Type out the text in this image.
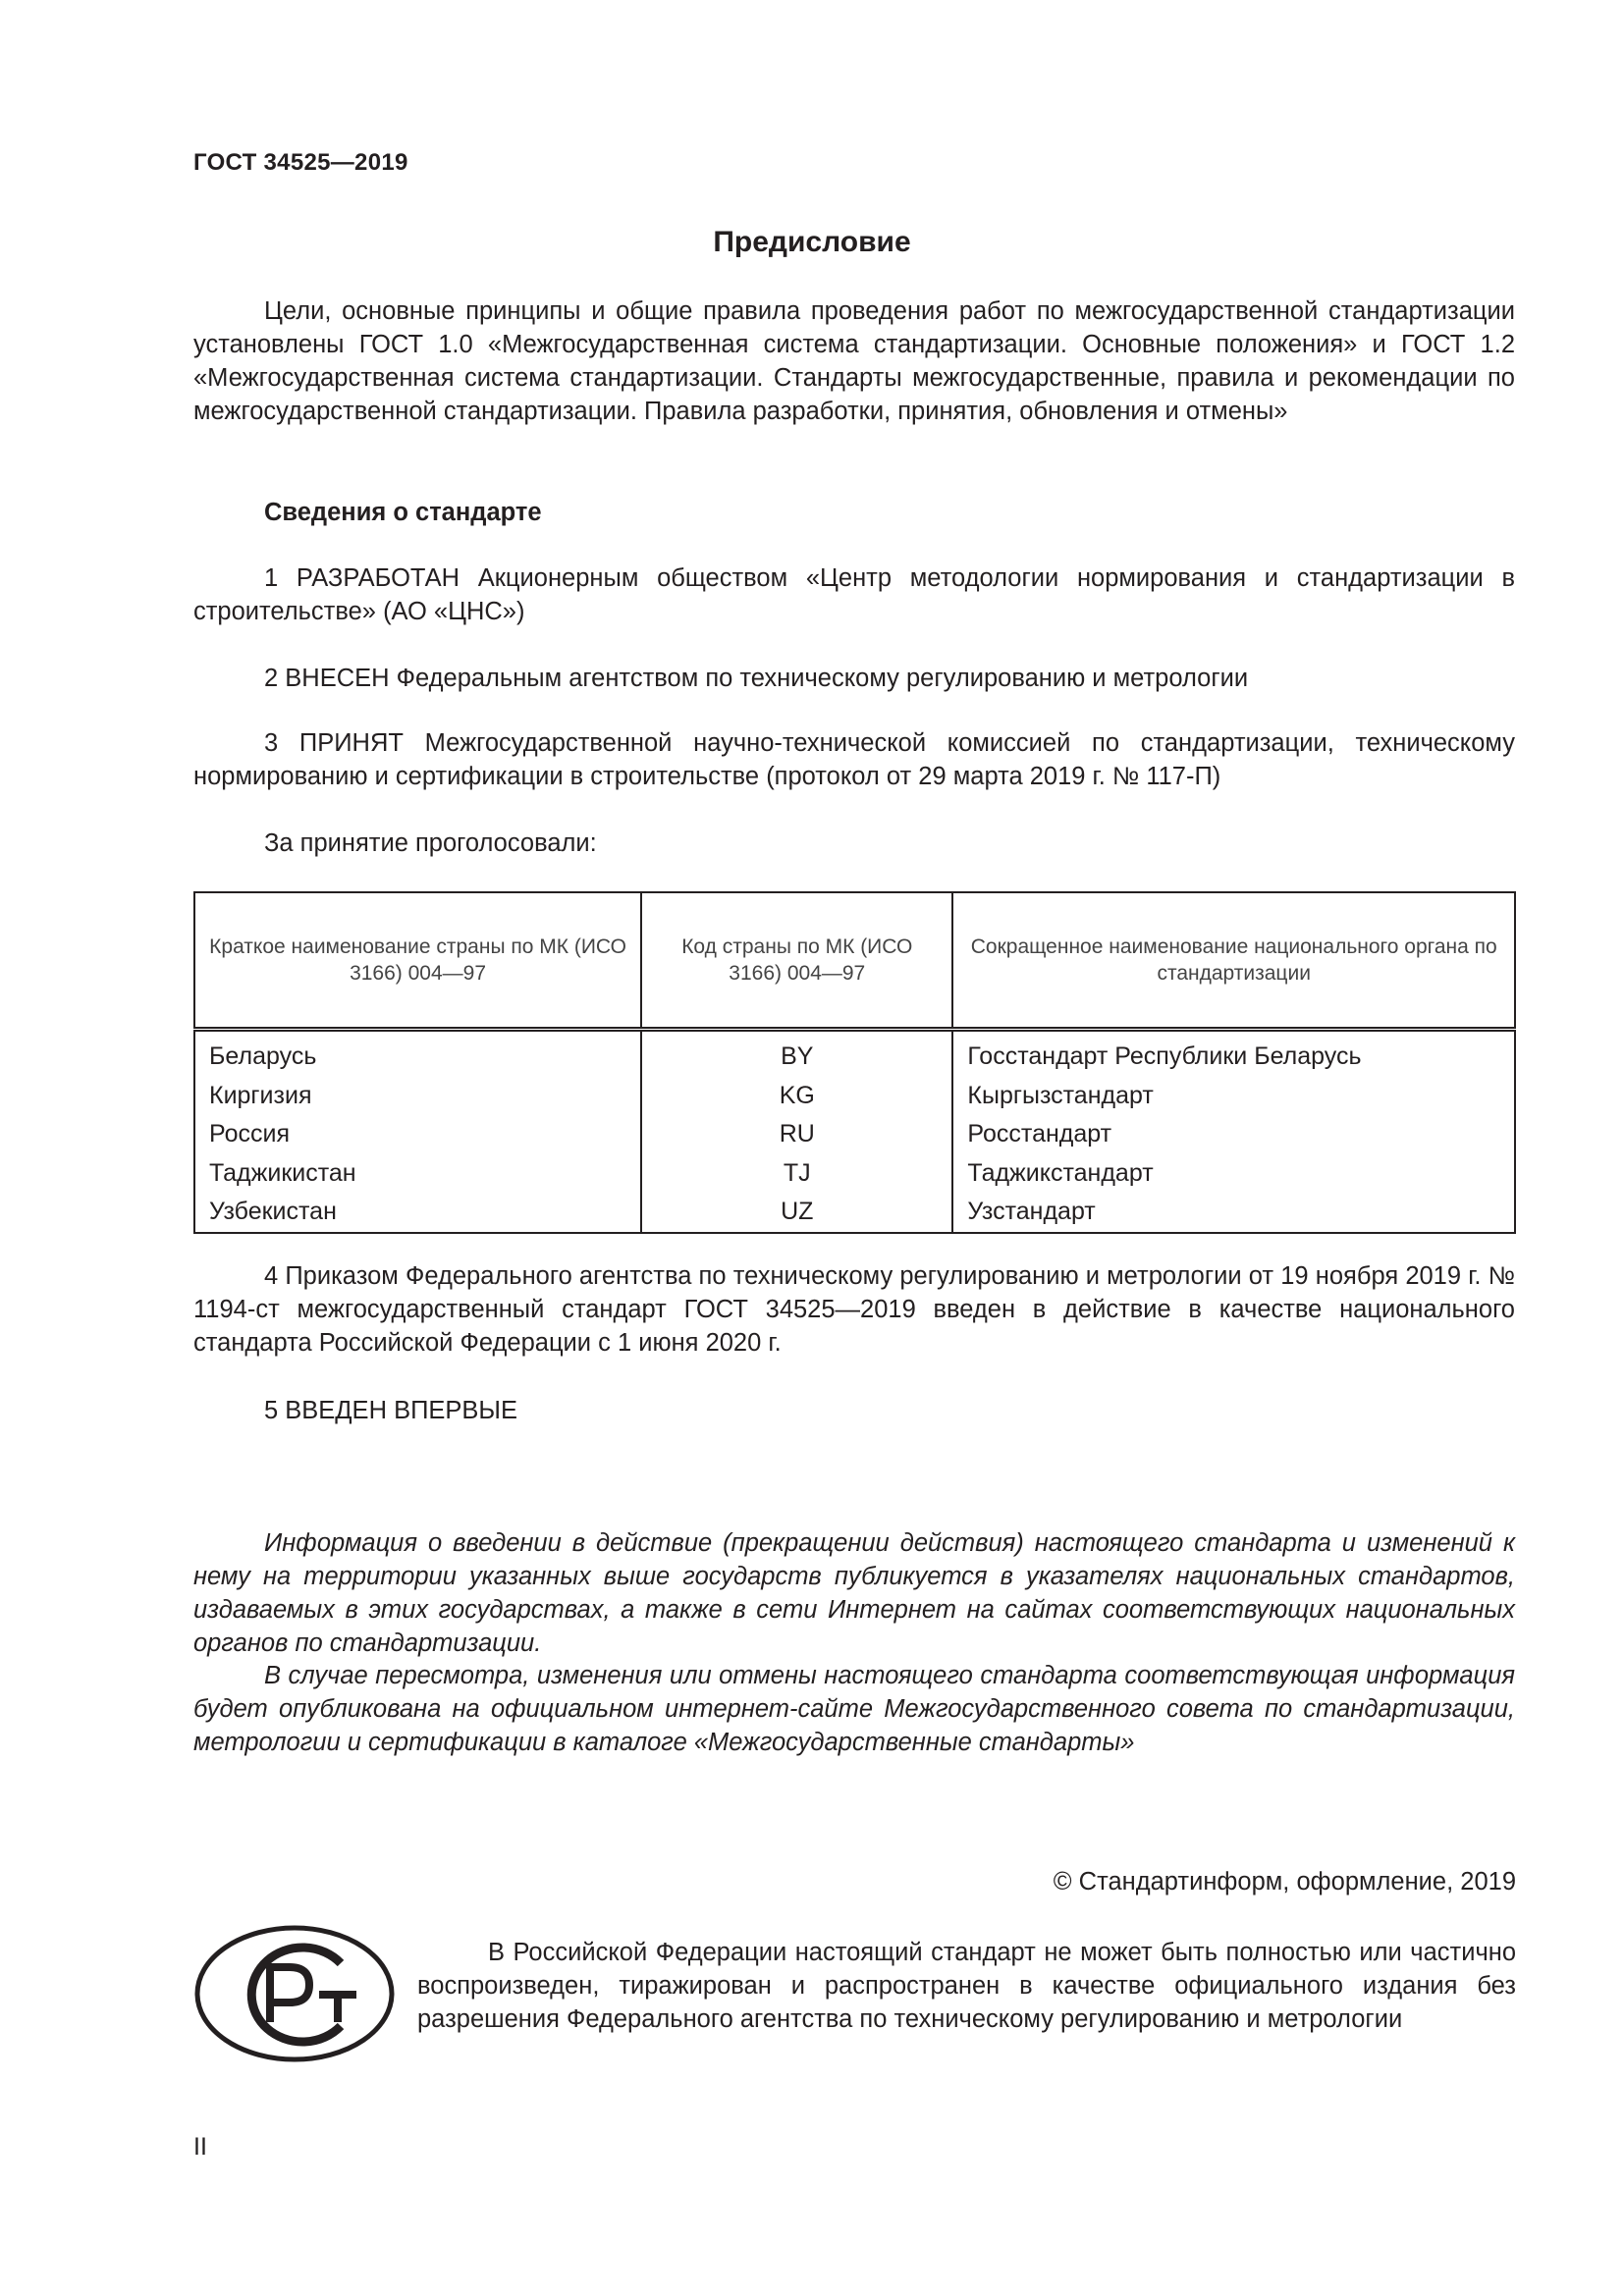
ГОСТ 34525—2019
Предисловие

Цели, основные принципы и общие правила проведения работ по межгосударственной стандартизации установлены ГОСТ 1.0 «Межгосударственная система стандартизации. Основные положения» и ГОСТ 1.2 «Межгосударственная система стандартизации. Стандарты межгосударственные, правила и рекомендации по межгосударственной стандартизации. Правила разработки, принятия, обновления и отмены»

Сведения о стандарте

1 РАЗРАБОТАН Акционерным обществом «Центр методологии нормирования и стандартизации в строительстве» (АО «ЦНС»)

2 ВНЕСЕН Федеральным агентством по техническому регулированию и метрологии

3 ПРИНЯТ Межгосударственной научно-технической комиссией по стандартизации, техническому нормированию и сертификации в строительстве (протокол от 29 марта 2019 г. № 117-П)

За принятие проголосовали:

Краткое наименование страны по МК (ИСО 3166) 004—97	Код страны по МК (ИСО 3166) 004—97	Сокращенное наименование национального органа по стандартизации
Беларусь	BY	Госстандарт Республики Беларусь
Киргизия	KG	Кыргызстандарт
Россия	RU	Росстандарт
Таджикистан	TJ	Таджикстандарт
Узбекистан	UZ	Узстандарт

4 Приказом Федерального агентства по техническому регулированию и метрологии от 19 ноября 2019 г. № 1194-ст межгосударственный стандарт ГОСТ 34525—2019 введен в действие в качестве национального стандарта Российской Федерации с 1 июня 2020 г.

5 ВВЕДЕН ВПЕРВЫЕ

Информация о введении в действие (прекращении действия) настоящего стандарта и изменений к нему на территории указанных выше государств публикуется в указателях национальных стандартов, издаваемых в этих государствах, а также в сети Интернет на сайтах соответствующих национальных органов по стандартизации.

В случае пересмотра, изменения или отмены настоящего стандарта соответствующая информация будет опубликована на официальном интернет-сайте Межгосударственного совета по стандартизации, метрологии и сертификации в каталоге «Межгосударственные стандарты»

© Стандартинформ, оформление, 2019

В Российской Федерации настоящий стандарт не может быть полностью или частично воспроизведен, тиражирован и распространен в качестве официального издания без разрешения Федерального агентства по техническому регулированию и метрологии

II
